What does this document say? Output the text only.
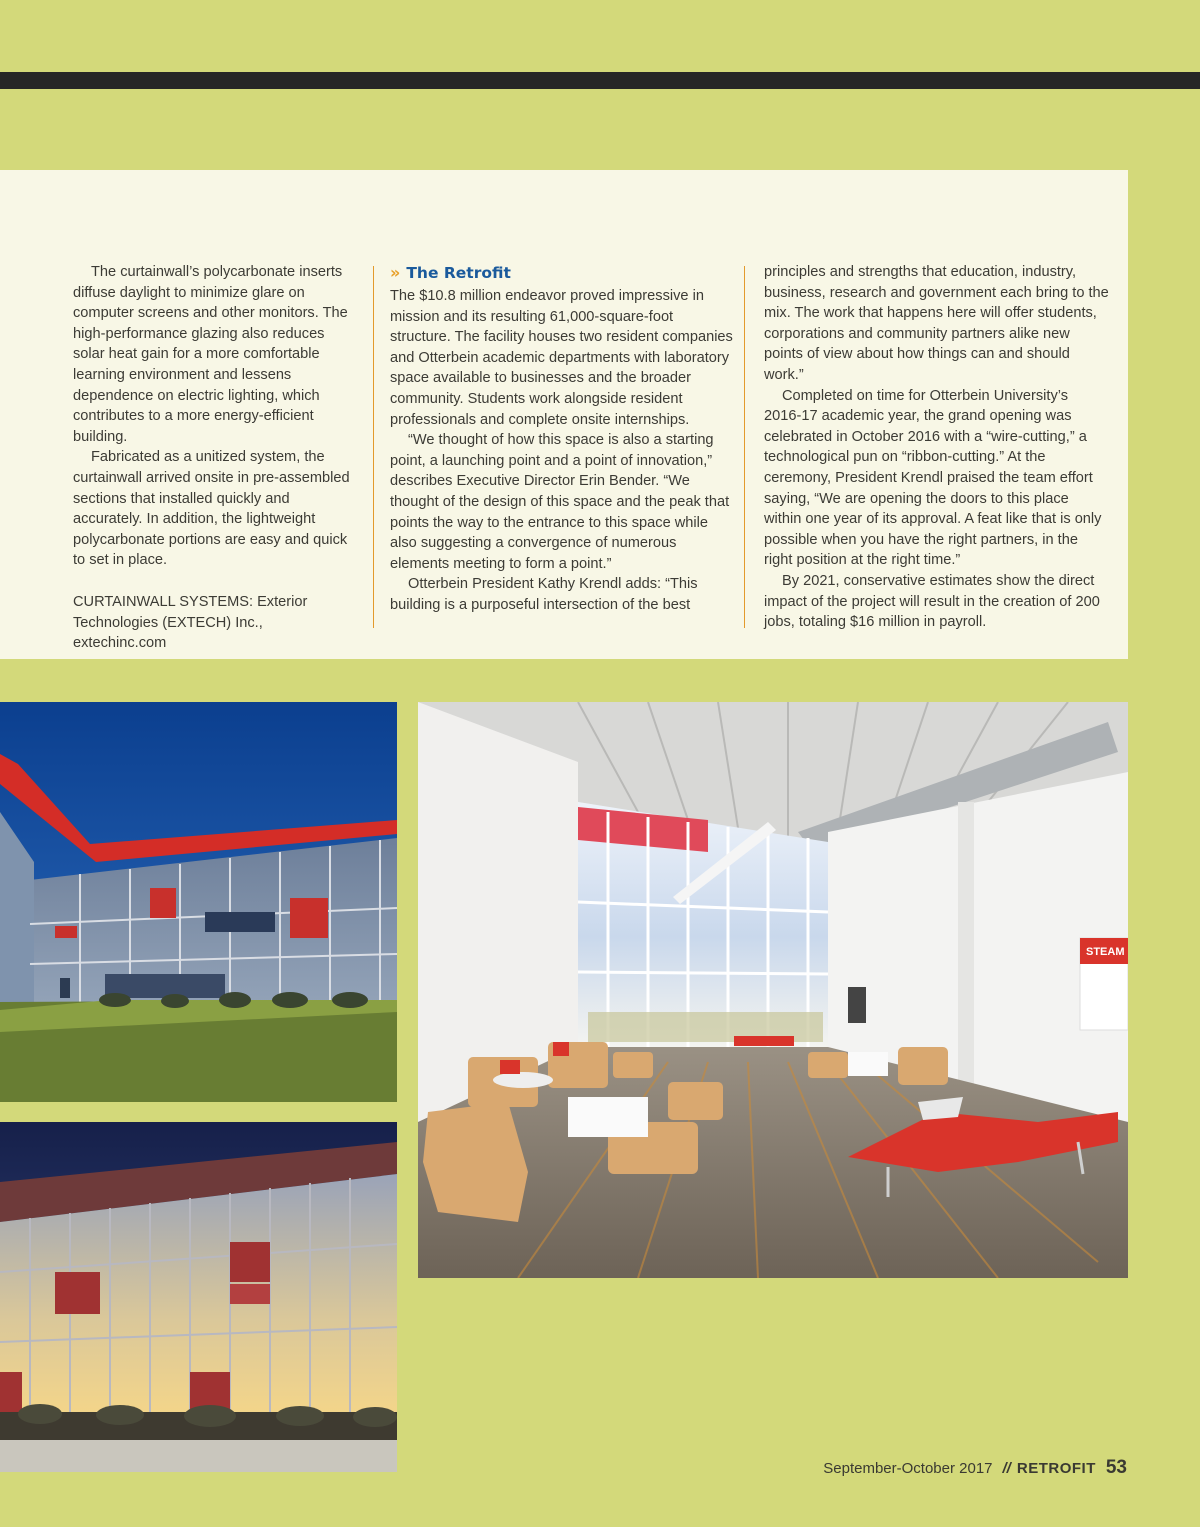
The curtainwall’s polycarbonate inserts diffuse daylight to minimize glare on computer screens and other monitors. The high-performance glazing also reduces solar heat gain for a more comfortable learning environment and lessens dependence on electric lighting, which contributes to a more energy-efficient building.

Fabricated as a unitized system, the curtainwall arrived onsite in pre-assembled sections that installed quickly and accurately. In addition, the lightweight polycarbonate portions are easy and quick to set in place.

CURTAINWALL SYSTEMS: Exterior Technologies (EXTECH) Inc., extechinc.com

» The Retrofit

The $10.8 million endeavor proved impressive in mission and its resulting 61,000-square-foot structure. The facility houses two resident companies and Otterbein academic departments with laboratory space available to businesses and the broader community. Students work alongside resident professionals and complete onsite internships.

“We thought of how this space is also a starting point, a launching point and a point of innovation,” describes Executive Director Erin Bender. “We thought of the design of this space and the peak that points the way to the entrance to this space while also suggesting a convergence of numerous elements meeting to form a point.”

Otterbein President Kathy Krendl adds: “This building is a purposeful intersection of the best

principles and strengths that education, industry, business, research and government each bring to the mix. The work that happens here will offer students, corporations and community partners alike new points of view about how things can and should work.”

Completed on time for Otterbein University’s 2016-17 academic year, the grand opening was celebrated in October 2016 with a “wire-cutting,” a technological pun on “ribbon-cutting.” At the ceremony, President Krendl praised the team effort saying, “We are opening the doors to this place within one year of its approval. A feat like that is only possible when you have the right partners, in the right position at the right time.”

By 2021, conservative estimates show the direct impact of the project will result in the creation of 200 jobs, totaling $16 million in payroll.

STEAM
September-October 2017 // RETROFIT 53
